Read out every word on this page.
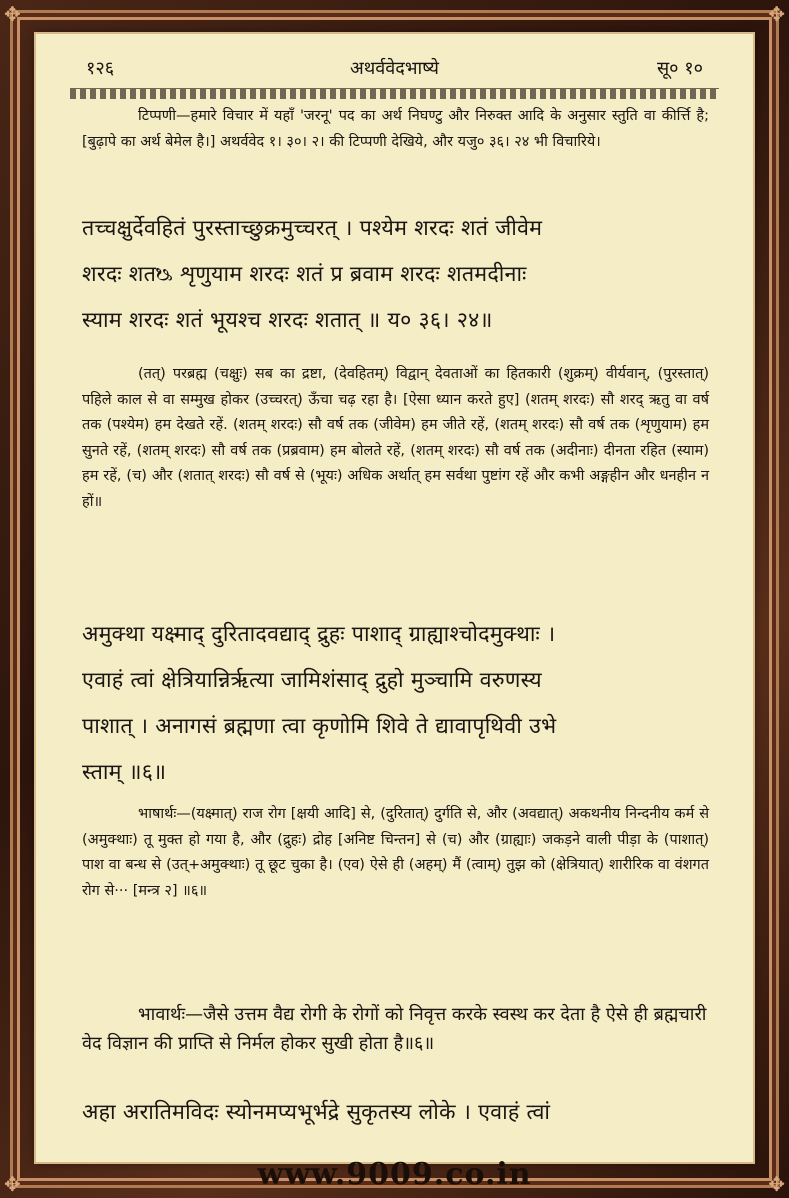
✥	✥
✥	✥
१२६	अथर्ववेदभाष्ये	सू० १०
टिप्पणी—हमारे विचार में यहाँ 'जरनू' पद का अर्थ निघण्टु और निरुक्त आदि के अनुसार स्तुति वा कीर्त्ति है; [बुढ़ापे का अर्थ बेमेल है।] अथर्ववेद १। ३०। २। की टिप्पणी देखिये, और यजु० ३६। २४ भी विचारिये।
तच्चक्षुर्देवहितं पुरस्ताच्छुक्रमुच्चरत् । पश्येम शरदः शतं जीवेम
शरदः शतᳬ शृणुयाम शरदः शतं प्र ब्रवाम शरदः शतमदीनाः
स्याम शरदः शतं भूयश्च शरदः शतात् ॥ य० ३६। २४॥
(तत्) परब्रह्म (चक्षुः) सब का द्रष्टा, (देवहितम्) विद्वान् देवताओं का हितकारी (शुक्रम्) वीर्यवान्, (पुरस्तात्) पहिले काल से वा सम्मुख होकर (उच्चरत्) ऊँचा चढ़ रहा है। [ऐसा ध्यान करते हुए] (शतम् शरदः) सौ शरद् ऋतु वा वर्ष तक (पश्येम) हम देखते रहें. (शतम् शरदः) सौ वर्ष तक (जीवेम) हम जीते रहें, (शतम् शरदः) सौ वर्ष तक (शृणुयाम) हम सुनते रहें, (शतम् शरदः) सौ वर्ष तक (प्रब्रवाम) हम बोलते रहें, (शतम् शरदः) सौ वर्ष तक (अदीनाः) दीनता रहित (स्याम) हम रहें, (च) और (शतात् शरदः) सौ वर्ष से (भूयः) अधिक अर्थात् हम सर्वथा पुष्टांग रहें और कभी अङ्गहीन और धनहीन न हों॥
अमुक्था यक्ष्माद् दुरितादवद्याद् द्रुहः पाशाद् ग्राह्याश्चोदमुक्थाः ।
एवाहं त्वां क्षेत्रियान्निर्ऋत्या जामिशंसाद् द्रुहो मुञ्चामि वरुणस्य
पाशात् । अनागसं ब्रह्मणा त्वा कृणोमि शिवे ते द्यावापृथिवी उभे
स्ताम् ॥६॥
भाषार्थः—(यक्ष्मात्) राज रोग [क्षयी आदि] से, (दुरितात्) दुर्गति से, और (अवद्यात्) अकथनीय निन्दनीय कर्म से (अमुक्थाः) तू मुक्त हो गया है, और (द्रुहः) द्रोह [अनिष्ट चिन्तन] से (च) और (ग्राह्याः) जकड़ने वाली पीड़ा के (पाशात्) पाश वा बन्ध से (उत्+अमुक्थाः) तू छूट चुका है। (एव) ऐसे ही (अहम्) मैं (त्वाम्) तुझ को (क्षेत्रियात्) शारीरिक वा वंशगत रोग से··· [मन्त्र २] ॥६॥
भावार्थः—जैसे उत्तम वैद्य रोगी के रोगों को निवृत्त करके स्वस्थ कर देता है ऐसे ही ब्रह्मचारी वेद विज्ञान की प्राप्ति से निर्मल होकर सुखी होता है॥६॥
अहा अरातिमविदः स्योनमप्यभूर्भद्रे सुकृतस्य लोके । एवाहं त्वां
www.9009.co.in
